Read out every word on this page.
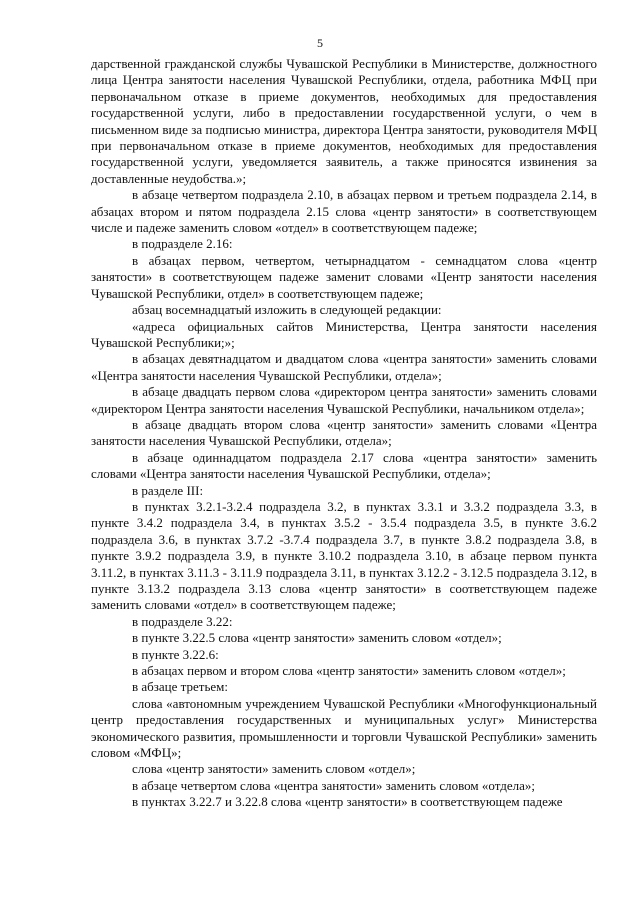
5

дарственной гражданской службы Чувашской Республики в Министерстве, должностного лица Центра занятости населения Чувашской Республики, отдела, работника МФЦ при первоначальном отказе в приеме документов, необходимых для предоставления государственной услуги, либо в предоставлении государственной услуги, о чем в письменном виде за подписью министра, директора Центра занятости, руководителя МФЦ при первоначальном отказе в приеме документов, необходимых для предоставления государственной услуги, уведомляется заявитель, а также приносятся извинения за доставленные неудобства.»;

в абзаце четвертом подраздела 2.10, в абзацах первом и третьем подраздела 2.14, в абзацах втором и пятом подраздела 2.15 слова «центр занятости» в соответствующем числе и падеже заменить словом «отдел» в соответствующем падеже;

в подразделе 2.16:

в абзацах первом, четвертом, четырнадцатом - семнадцатом слова «центр занятости» в соответствующем падеже заменит словами «Центр занятости населения Чувашской Республики, отдел» в соответствующем падеже;

абзац восемнадцатый изложить в следующей редакции:

«адреса официальных сайтов Министерства, Центра занятости населения Чувашской Республики;»;

в абзацах девятнадцатом и двадцатом слова «центра занятости» заменить словами «Центра занятости населения Чувашской Республики, отдела»;

в абзаце двадцать первом слова «директором центра занятости» заменить словами «директором Центра занятости населения Чувашской Республики, начальником отдела»;

в абзаце двадцать втором слова «центр занятости» заменить словами «Центра занятости населения Чувашской Республики, отдела»;

в абзаце одиннадцатом подраздела 2.17 слова «центра занятости» заменить словами «Центра занятости населения Чувашской Республики, отдела»;

в разделе III:

в пунктах 3.2.1-3.2.4 подраздела 3.2, в пунктах 3.3.1 и 3.3.2 подраздела 3.3, в пункте 3.4.2 подраздела 3.4, в пунктах 3.5.2 - 3.5.4 подраздела 3.5, в пункте 3.6.2 подраздела 3.6, в пунктах 3.7.2 -3.7.4 подраздела 3.7, в пункте 3.8.2 подраздела 3.8, в пункте 3.9.2 подраздела 3.9, в пункте 3.10.2 подраздела 3.10, в абзаце первом пункта 3.11.2, в пунктах 3.11.3 - 3.11.9 подраздела 3.11, в пунктах 3.12.2 - 3.12.5 подраздела 3.12, в пункте 3.13.2 подраздела 3.13 слова «центр занятости» в соответствующем падеже заменить словами «отдел» в соответствующем падеже;

в подразделе 3.22:

в пункте 3.22.5 слова «центр занятости» заменить словом «отдел»;

в пункте 3.22.6:

в абзацах первом и втором слова «центр занятости» заменить словом «отдел»;

в абзаце третьем:

слова «автономным учреждением Чувашской Республики «Многофункциональный центр предоставления государственных и муниципальных услуг» Министерства экономического развития, промышленности и торговли Чувашской Республики» заменить словом «МФЦ»;

слова «центр занятости» заменить словом «отдел»;

в абзаце четвертом слова «центра занятости» заменить словом «отдела»;

в пунктах 3.22.7 и 3.22.8 слова «центр занятости» в соответствующем падеже
